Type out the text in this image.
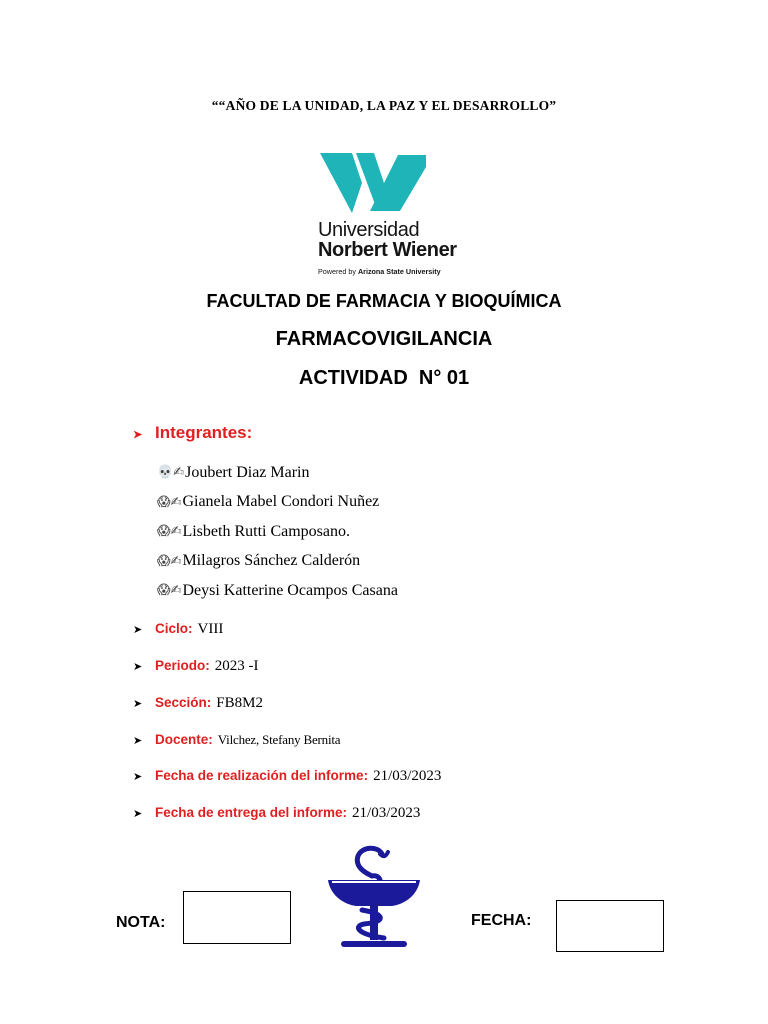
““AÑO DE LA UNIDAD, LA PAZ Y EL DESARROLLO”
Universidad
Norbert Wiener
Powered by Arizona State University
FACULTAD DE FARMACIA Y BIOQUÍMICA
FARMACOVIGILANCIA
ACTIVIDAD  N° 01
➤ Integrantes:
💀✍ Joubert Diaz Marin
😱✍ Gianela Mabel Condori Nuñez
😱✍ Lisbeth Rutti Camposano.
😱✍ Milagros Sánchez Calderón
😱✍ Deysi Katterine Ocampos Casana
➤ Ciclo: VIII
➤ Periodo: 2023 -I
➤ Sección: FB8M2
➤ Docente: Vilchez, Stefany Bernita
➤ Fecha de realización del informe: 21/03/2023
➤ Fecha de entrega del informe: 21/03/2023
NOTA:	FECHA:
